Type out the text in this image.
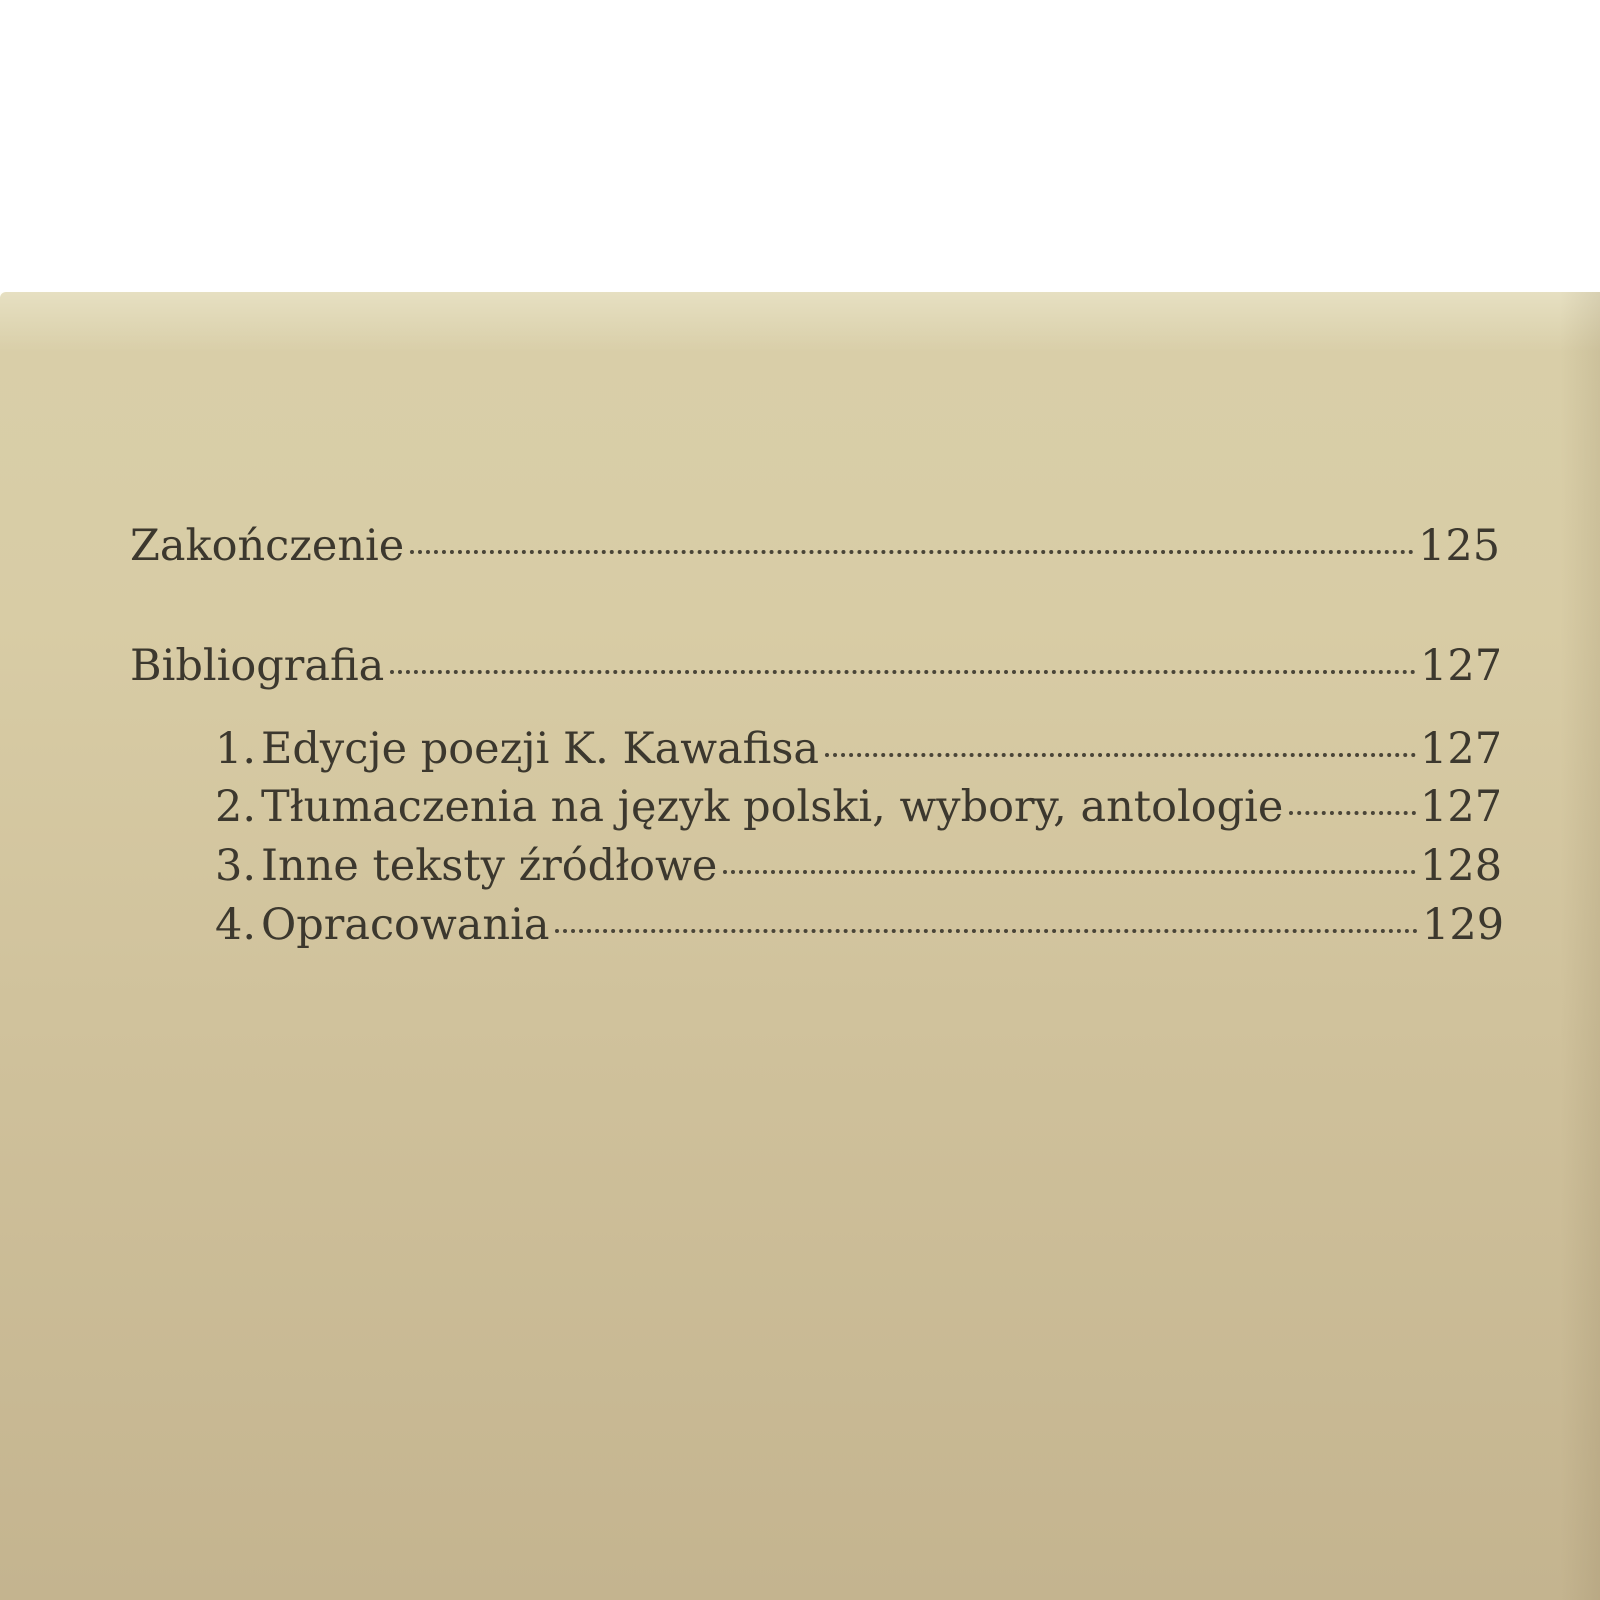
Zakończenie	125
Bibliografia	127
1. Edycje poezji K. Kawafisa	127
2. Tłumaczenia na język polski, wybory, antologie	127
3. Inne teksty źródłowe	128
4. Opracowania	129
